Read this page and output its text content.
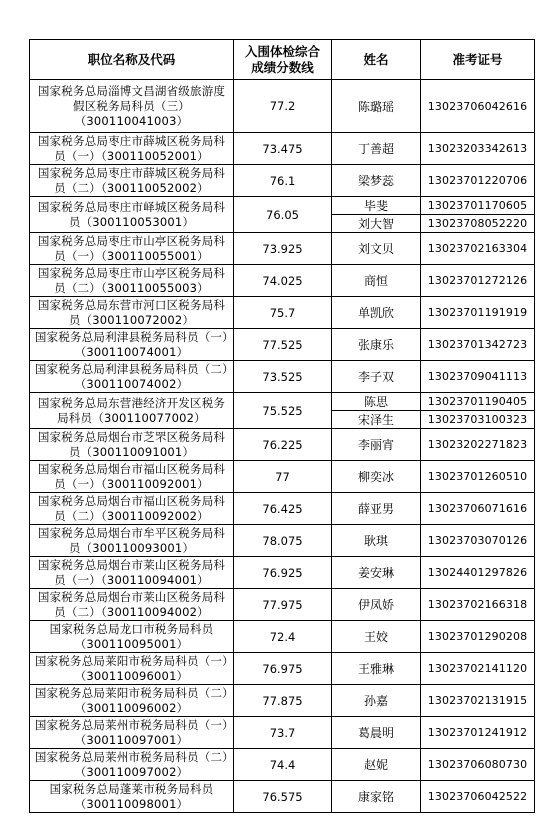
职位名称及代码	入围体检综合成绩分数线	姓名	准考证号
国家税务总局淄博文昌湖省级旅游度假区税务局科员（三）（300110041003）	77.2	陈璐瑶	13023706042616
国家税务总局枣庄市薛城区税务局科员（一）（300110052001）	73.475	丁善超	13023203342613
国家税务总局枣庄市薛城区税务局科员（二）（300110052002）	76.1	梁梦蕊	13023701220706
国家税务总局枣庄市峄城区税务局科员（300110053001）	76.05	毕斐	13023701170605
		刘大智	13023708052220
国家税务总局枣庄市山亭区税务局科员（一）（300110055001）	73.925	刘文贝	13023702163304
国家税务总局枣庄市山亭区税务局科员（二）（300110055003）	74.025	商恒	13023701272126
国家税务总局东营市河口区税务局科员（300110072002）	75.7	单凯欣	13023701191919
国家税务总局利津县税务局科员（一）（300110074001）	77.525	张康乐	13023701342723
国家税务总局利津县税务局科员（二）（300110074002）	73.525	李子双	13023709041113
国家税务总局东营港经济开发区税务局科员（300110077002）	75.525	陈思	13023701190405
		宋泽生	13023703100323
国家税务总局烟台市芝罘区税务局科员（300110091001）	76.225	李丽宵	13023202271823
国家税务总局烟台市福山区税务局科员（一）（300110092001）	77	柳奕冰	13023701260510
国家税务总局烟台市福山区税务局科员（二）（300110092002）	76.425	薛亚男	13023706071616
国家税务总局烟台市牟平区税务局科员（300110093001）	78.075	耿琪	13023703070126
国家税务总局烟台市莱山区税务局科员（一）（300110094001）	76.925	姜安琳	13024401297826
国家税务总局烟台市莱山区税务局科员（二）（300110094002）	77.975	伊凤娇	13023702166318
国家税务总局龙口市税务局科员（300110095001）	72.4	王姣	13023701290208
国家税务总局莱阳市税务局科员（一）（300110096001）	76.975	王雅琳	13023702141120
国家税务总局莱阳市税务局科员（二）（300110096002）	77.875	孙嘉	13023702131915
国家税务总局莱州市税务局科员（一）（300110097001）	73.7	葛晨明	13023701241912
国家税务总局莱州市税务局科员（二）（300110097002）	74.4	赵妮	13023706080730
国家税务总局蓬莱市税务局科员（300110098001）	76.575	康家铭	13023706042522
